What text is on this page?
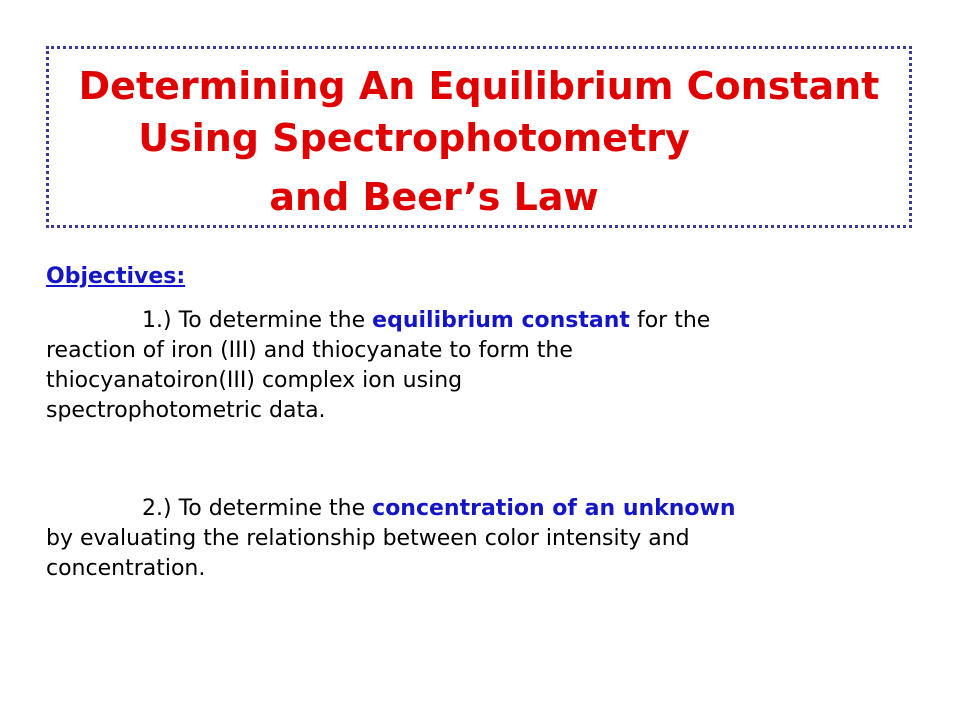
Determining An Equilibrium Constant
Using Spectrophotometry
and Beer’s Law
Objectives:
1.) To determine the equilibrium constant for the
reaction of iron (III) and thiocyanate to form the
thiocyanatoiron(III) complex ion using
spectrophotometric data.
2.) To determine the concentration of an unknown
by evaluating the relationship between color intensity and
concentration.
